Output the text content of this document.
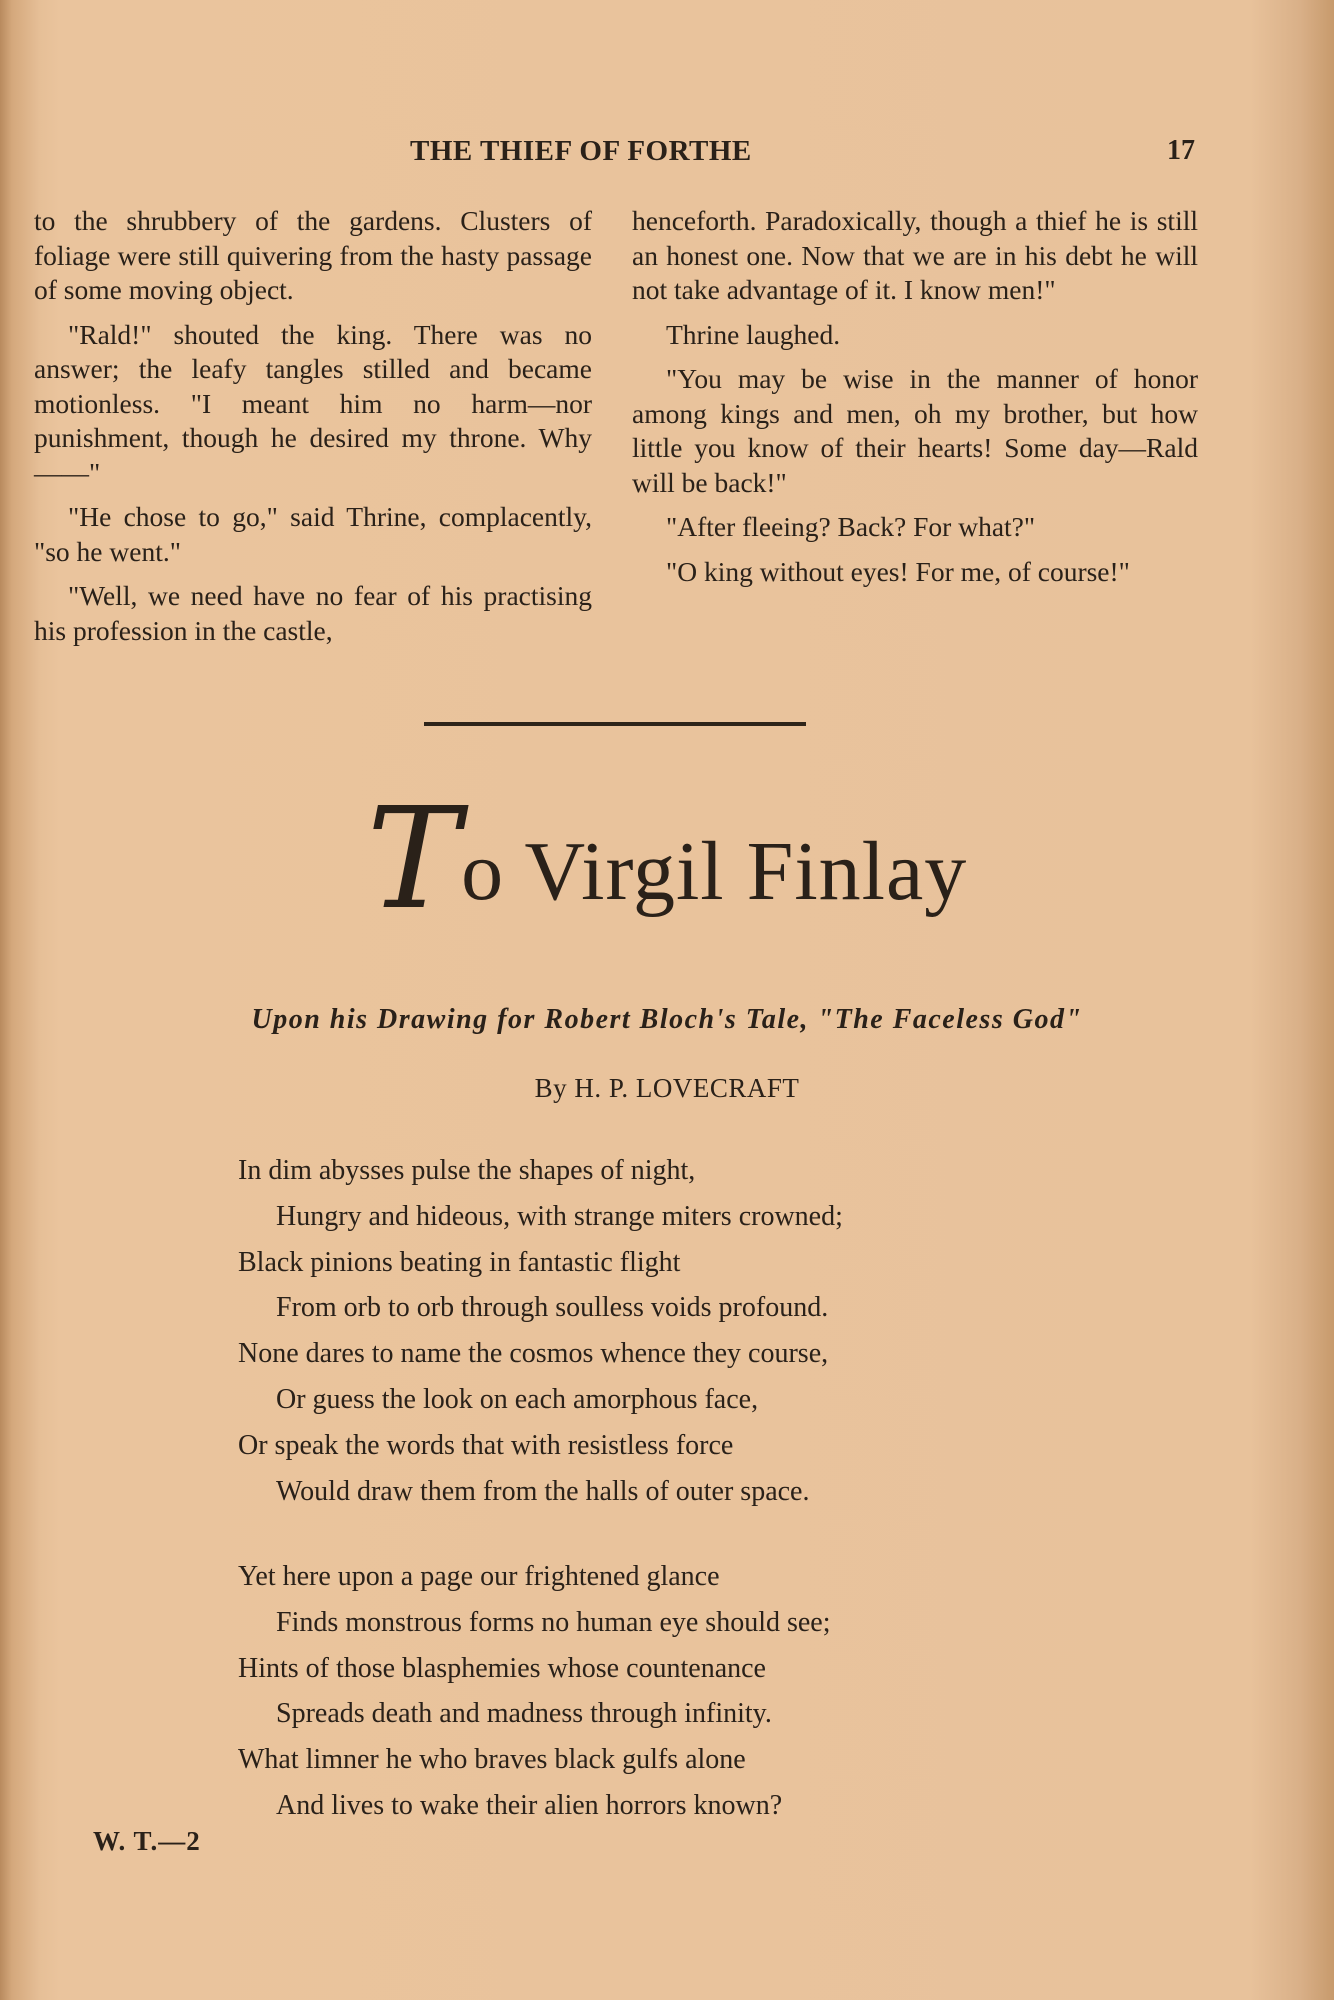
THE THIEF OF FORTHE	17

to the shrubbery of the gardens. Clusters of foliage were still quivering from the hasty passage of some moving object.

"Rald!" shouted the king. There was no answer; the leafy tangles stilled and became motionless. "I meant him no harm—nor punishment, though he desired my throne. Why——"

"He chose to go," said Thrine, complacently, "so he went."

"Well, we need have no fear of his practising his profession in the castle,

henceforth. Paradoxically, though a thief he is still an honest one. Now that we are in his debt he will not take advantage of it. I know men!"

Thrine laughed.

"You may be wise in the manner of honor among kings and men, oh my brother, but how little you know of their hearts! Some day—Rald will be back!"

"After fleeing? Back? For what?"

"O king without eyes! For me, of course!"

To Virgil Finlay
Upon his Drawing for Robert Bloch's Tale, "The Faceless God"
By H. P. LOVECRAFT
In dim abysses pulse the shapes of night,
Hungry and hideous, with strange miters crowned;
Black pinions beating in fantastic flight
From orb to orb through soulless voids profound.
None dares to name the cosmos whence they course,
Or guess the look on each amorphous face,
Or speak the words that with resistless force
Would draw them from the halls of outer space.
Yet here upon a page our frightened glance
Finds monstrous forms no human eye should see;
Hints of those blasphemies whose countenance
Spreads death and madness through infinity.
What limner he who braves black gulfs alone
And lives to wake their alien horrors known?
W. T.—2
